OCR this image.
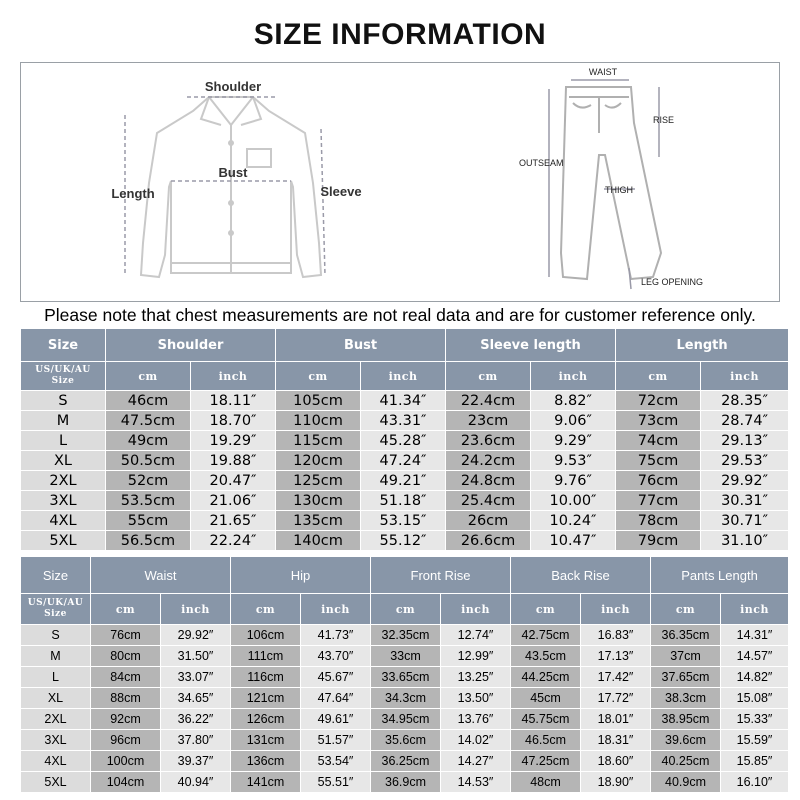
SIZE INFORMATION
Shoulder
Bust
Length	Sleeve
WAIST
RISE
OUTSEAM
THIGH
LEG OPENING
Please note that chest measurements are not real data and are for customer reference only.
Size	Shoulder		Bust		Sleeve length		Length	
US/UK/AU
Size	cm	inch	cm	inch	cm	inch	cm	inch
S	46cm	18.11″	105cm	41.34″	22.4cm	8.82″	72cm	28.35″
M	47.5cm	18.70″	110cm	43.31″	23cm	9.06″	73cm	28.74″
L	49cm	19.29″	115cm	45.28″	23.6cm	9.29″	74cm	29.13″
XL	50.5cm	19.88″	120cm	47.24″	24.2cm	9.53″	75cm	29.53″
2XL	52cm	20.47″	125cm	49.21″	24.8cm	9.76″	76cm	29.92″
3XL	53.5cm	21.06″	130cm	51.18″	25.4cm	10.00″	77cm	30.31″
4XL	55cm	21.65″	135cm	53.15″	26cm	10.24″	78cm	30.71″
5XL	56.5cm	22.24″	140cm	55.12″	26.6cm	10.47″	79cm	31.10″
Size	Waist		Hip		Front Rise		Back Rise		Pants Length	
US/UK/AU
Size	cm	inch	cm	inch	cm	inch	cm	inch	cm	inch
S	76cm	29.92″	106cm	41.73″	32.35cm	12.74″	42.75cm	16.83″	36.35cm	14.31″
M	80cm	31.50″	111cm	43.70″	33cm	12.99″	43.5cm	17.13″	37cm	14.57″
L	84cm	33.07″	116cm	45.67″	33.65cm	13.25″	44.25cm	17.42″	37.65cm	14.82″
XL	88cm	34.65″	121cm	47.64″	34.3cm	13.50″	45cm	17.72″	38.3cm	15.08″
2XL	92cm	36.22″	126cm	49.61″	34.95cm	13.76″	45.75cm	18.01″	38.95cm	15.33″
3XL	96cm	37.80″	131cm	51.57″	35.6cm	14.02″	46.5cm	18.31″	39.6cm	15.59″
4XL	100cm	39.37″	136cm	53.54″	36.25cm	14.27″	47.25cm	18.60″	40.25cm	15.85″
5XL	104cm	40.94″	141cm	55.51″	36.9cm	14.53″	48cm	18.90″	40.9cm	16.10″
